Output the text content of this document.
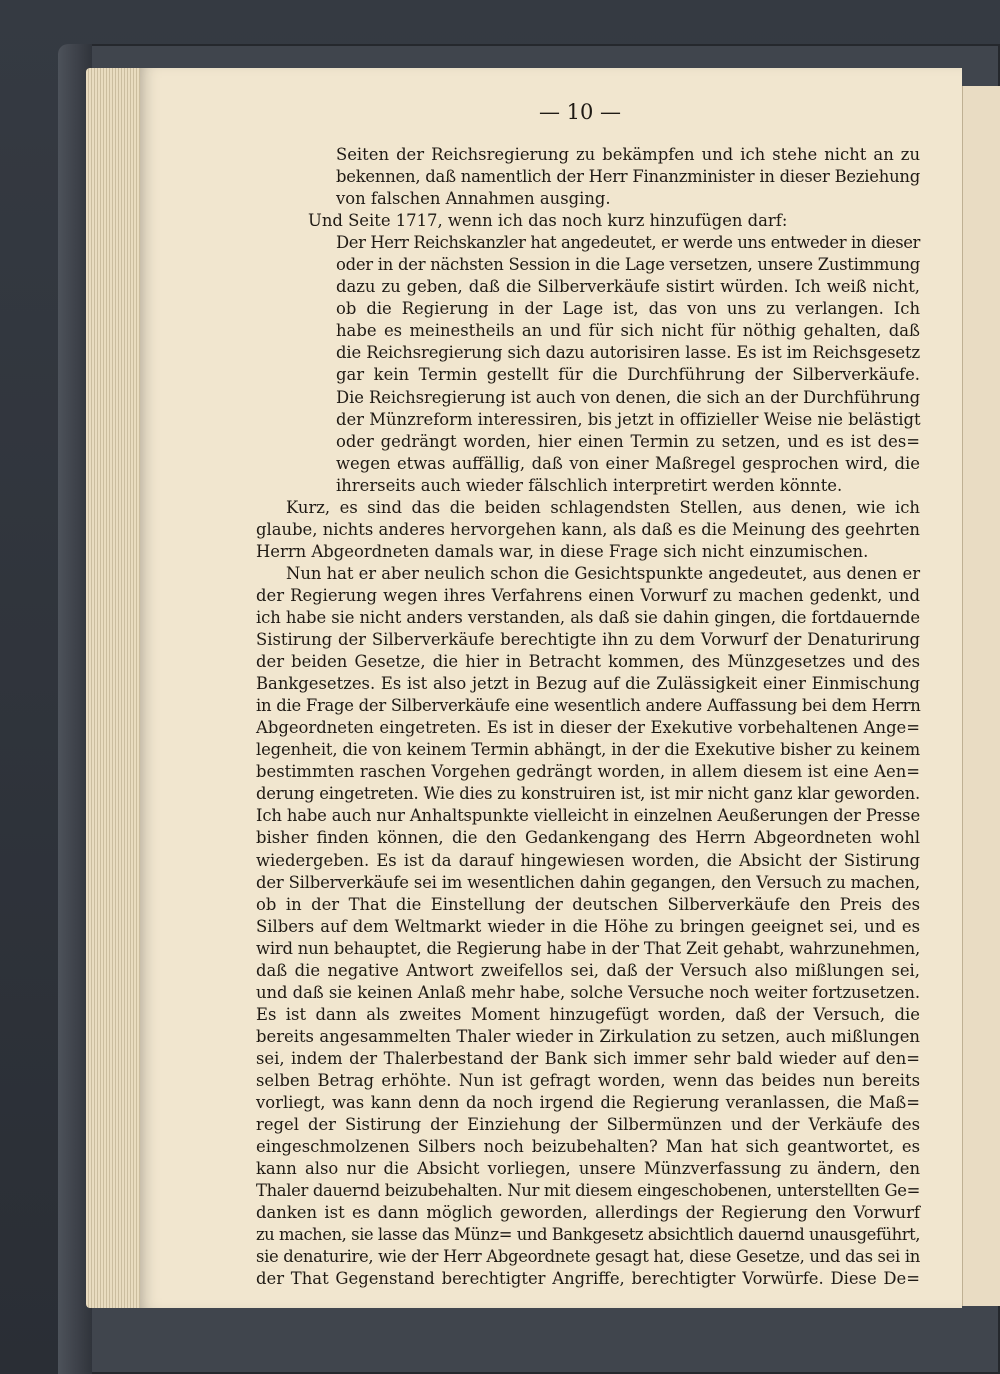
— 10 —
Seiten der Reichsregierung zu bekämpfen und ich stehe nicht an zu
bekennen, daß namentlich der Herr Finanzminister in dieser Beziehung
von falschen Annahmen ausging.
Und Seite 1717, wenn ich das noch kurz hinzufügen darf:
Der Herr Reichskanzler hat angedeutet, er werde uns entweder in dieser
oder in der nächsten Session in die Lage versetzen, unsere Zustimmung
dazu zu geben, daß die Silberverkäufe sistirt würden. Ich weiß nicht,
ob die Regierung in der Lage ist, das von uns zu verlangen. Ich
habe es meinestheils an und für sich nicht für nöthig gehalten, daß
die Reichsregierung sich dazu autorisiren lasse. Es ist im Reichsgesetz
gar kein Termin gestellt für die Durchführung der Silberverkäufe.
Die Reichsregierung ist auch von denen, die sich an der Durchführung
der Münzreform interessiren, bis jetzt in offizieller Weise nie belästigt
oder gedrängt worden, hier einen Termin zu setzen, und es ist des=
wegen etwas auffällig, daß von einer Maßregel gesprochen wird, die
ihrerseits auch wieder fälschlich interpretirt werden könnte.
Kurz, es sind das die beiden schlagendsten Stellen, aus denen, wie ich
glaube, nichts anderes hervorgehen kann, als daß es die Meinung des geehrten
Herrn Abgeordneten damals war, in diese Frage sich nicht einzumischen.
Nun hat er aber neulich schon die Gesichtspunkte angedeutet, aus denen er
der Regierung wegen ihres Verfahrens einen Vorwurf zu machen gedenkt, und
ich habe sie nicht anders verstanden, als daß sie dahin gingen, die fortdauernde
Sistirung der Silberverkäufe berechtigte ihn zu dem Vorwurf der Denaturirung
der beiden Gesetze, die hier in Betracht kommen, des Münzgesetzes und des
Bankgesetzes. Es ist also jetzt in Bezug auf die Zulässigkeit einer Einmischung
in die Frage der Silberverkäufe eine wesentlich andere Auffassung bei dem Herrn
Abgeordneten eingetreten. Es ist in dieser der Exekutive vorbehaltenen Ange=
legenheit, die von keinem Termin abhängt, in der die Exekutive bisher zu keinem
bestimmten raschen Vorgehen gedrängt worden, in allem diesem ist eine Aen=
derung eingetreten. Wie dies zu konstruiren ist, ist mir nicht ganz klar geworden.
Ich habe auch nur Anhaltspunkte vielleicht in einzelnen Aeußerungen der Presse
bisher finden können, die den Gedankengang des Herrn Abgeordneten wohl
wiedergeben. Es ist da darauf hingewiesen worden, die Absicht der Sistirung
der Silberverkäufe sei im wesentlichen dahin gegangen, den Versuch zu machen,
ob in der That die Einstellung der deutschen Silberverkäufe den Preis des
Silbers auf dem Weltmarkt wieder in die Höhe zu bringen geeignet sei, und es
wird nun behauptet, die Regierung habe in der That Zeit gehabt, wahrzunehmen,
daß die negative Antwort zweifellos sei, daß der Versuch also mißlungen sei,
und daß sie keinen Anlaß mehr habe, solche Versuche noch weiter fortzusetzen.
Es ist dann als zweites Moment hinzugefügt worden, daß der Versuch, die
bereits angesammelten Thaler wieder in Zirkulation zu setzen, auch mißlungen
sei, indem der Thalerbestand der Bank sich immer sehr bald wieder auf den=
selben Betrag erhöhte. Nun ist gefragt worden, wenn das beides nun bereits
vorliegt, was kann denn da noch irgend die Regierung veranlassen, die Maß=
regel der Sistirung der Einziehung der Silbermünzen und der Verkäufe des
eingeschmolzenen Silbers noch beizubehalten? Man hat sich geantwortet, es
kann also nur die Absicht vorliegen, unsere Münzverfassung zu ändern, den
Thaler dauernd beizubehalten. Nur mit diesem eingeschobenen, unterstellten Ge=
danken ist es dann möglich geworden, allerdings der Regierung den Vorwurf
zu machen, sie lasse das Münz= und Bankgesetz absichtlich dauernd unausgeführt,
sie denaturire, wie der Herr Abgeordnete gesagt hat, diese Gesetze, und das sei in
der That Gegenstand berechtigter Angriffe, berechtigter Vorwürfe. Diese De=
